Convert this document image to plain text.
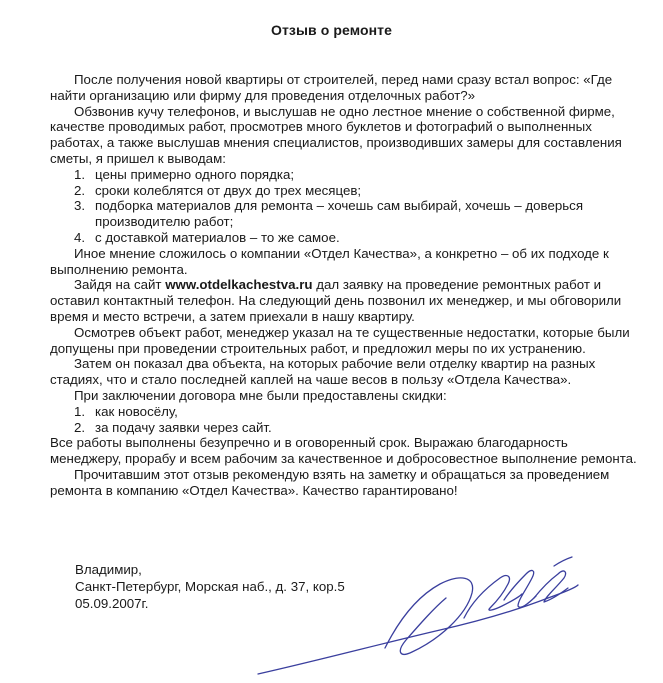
Отзыв о ремонте

После получения новой квартиры от строителей, перед нами сразу встал вопрос: «Где найти организацию или фирму для проведения отделочных работ?»

Обзвонив кучу телефонов, и выслушав не одно лестное мнение о собственной фирме, качестве проводимых работ, просмотрев много буклетов и фотографий о выполненных работах, а также выслушав мнения специалистов, производивших замеры для составления сметы, я пришел к выводам:

1. цены примерно одного порядка;
2. сроки колеблятся от двух до трех месяцев;
3. подборка материалов для ремонта – хочешь сам выбирай, хочешь – доверься производителю работ;
4. с доставкой материалов – то же самое.

Иное мнение сложилось о компании «Отдел Качества», а конкретно – об их подходе к выполнению ремонта.

Зайдя на сайт www.otdelkachestva.ru дал заявку на проведение ремонтных работ и оставил контактный телефон. На следующий день позвонил их менеджер, и мы обговорили время и место встречи, а затем приехали в нашу квартиру.

Осмотрев объект работ, менеджер указал на те существенные недостатки, которые были допущены при проведении строительных работ, и предложил меры по их устранению.

Затем он показал два объекта, на которых рабочие вели отделку квартир на разных стадиях, что и стало последней каплей на чаше весов в пользу «Отдела Качества».

При заключении договора мне были предоставлены скидки:

1. как новосёлу,
2. за подачу заявки через сайт.

Все работы выполнены безупречно и в оговоренный срок. Выражаю благодарность менеджеру, прорабу и всем рабочим за качественное и добросовестное выполнение ремонта.

Прочитавшим этот отзыв рекомендую взять на заметку и обращаться за проведением ремонта в компанию «Отдел Качества». Качество гарантировано!

Владимир,
Санкт-Петербург, Морская наб., д. 37, кор.5
05.09.2007г.
